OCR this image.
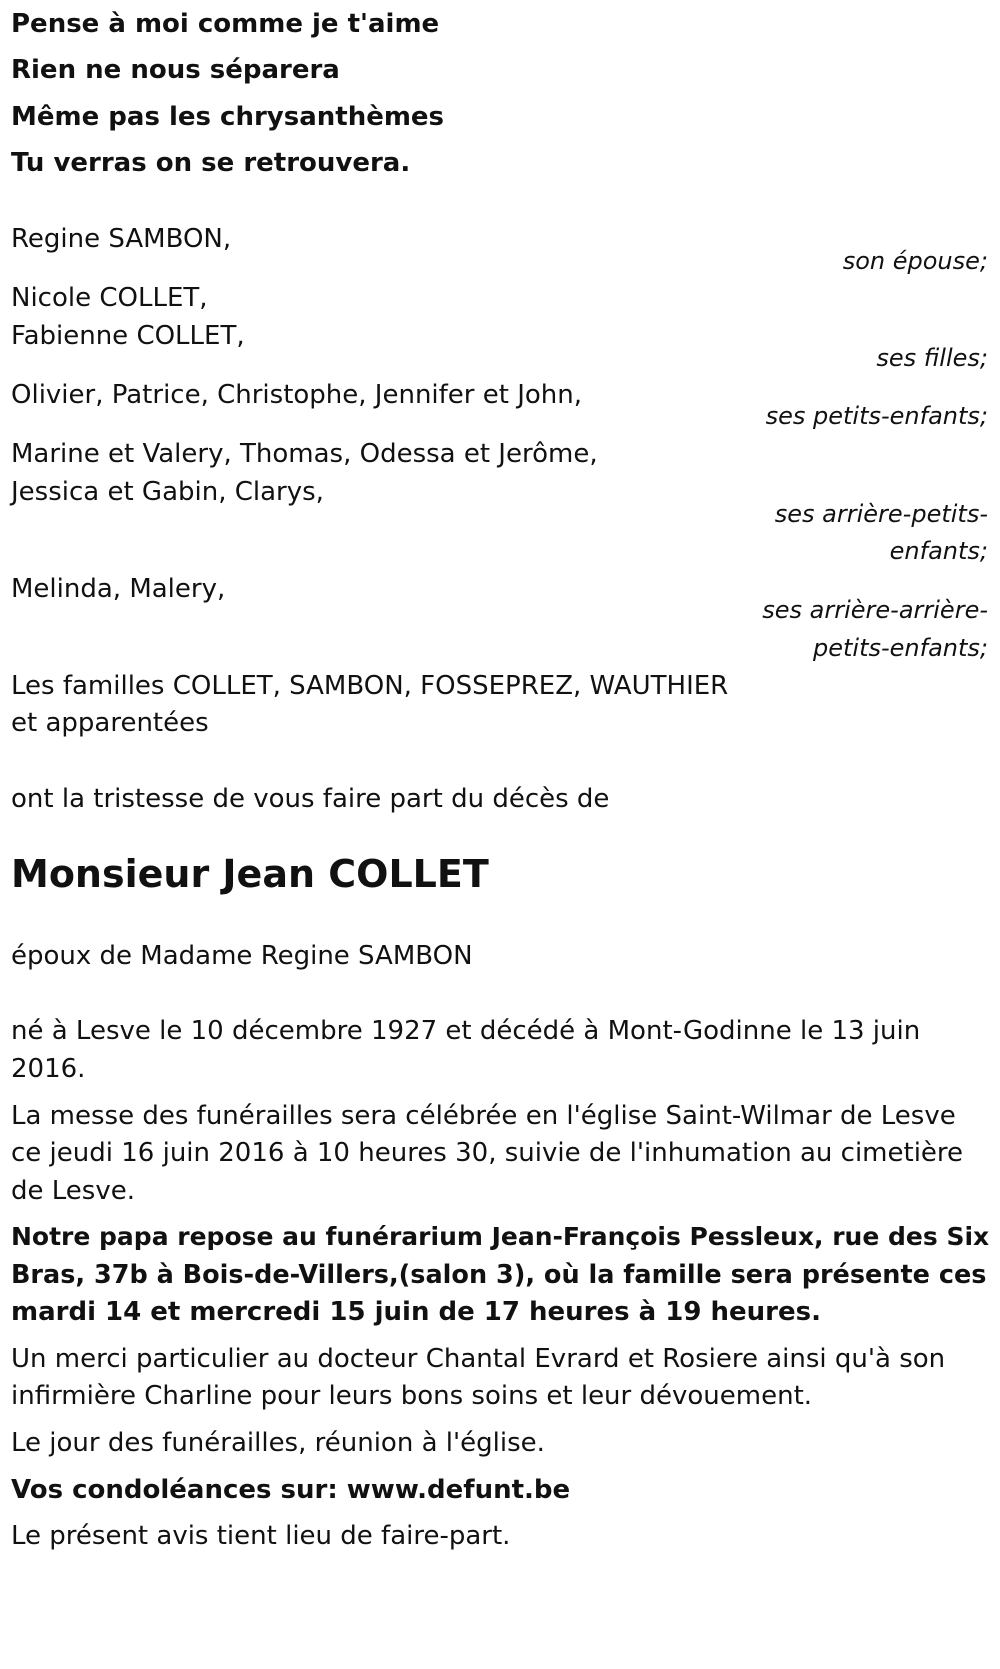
Pense à moi comme je t'aime

Rien ne nous séparera

Même pas les chrysanthèmes

Tu verras on se retrouvera.

Regine SAMBON,

son épouse;

Nicole COLLET,

Fabienne COLLET,

ses filles;

Olivier, Patrice, Christophe, Jennifer et John,

ses petits-enfants;

Marine et Valery, Thomas, Odessa et Jerôme,

Jessica et Gabin, Clarys,

ses arrière-petits-

enfants;

Melinda, Malery,

ses arrière-arrière-

petits-enfants;

Les familles COLLET, SAMBON, FOSSEPREZ, WAUTHIER

et apparentées

ont la tristesse de vous faire part du décès de

Monsieur Jean COLLET

époux de Madame Regine SAMBON

né à Lesve le 10 décembre 1927 et décédé à Mont-Godinne le 13 juin

2016.

La messe des funérailles sera célébrée en l'église Saint-Wilmar de Lesve

ce jeudi 16 juin 2016 à 10 heures 30, suivie de l'inhumation au cimetière

de Lesve.

Notre papa repose au funérarium Jean-François Pessleux, rue des Six

Bras, 37b à Bois-de-Villers,(salon 3), où la famille sera présente ces

mardi 14 et mercredi 15 juin de 17 heures à 19 heures.

Un merci particulier au docteur Chantal Evrard et Rosiere ainsi qu'à son

infirmière Charline pour leurs bons soins et leur dévouement.

Le jour des funérailles, réunion à l'église.

Vos condoléances sur: www.defunt.be

Le présent avis tient lieu de faire-part.
